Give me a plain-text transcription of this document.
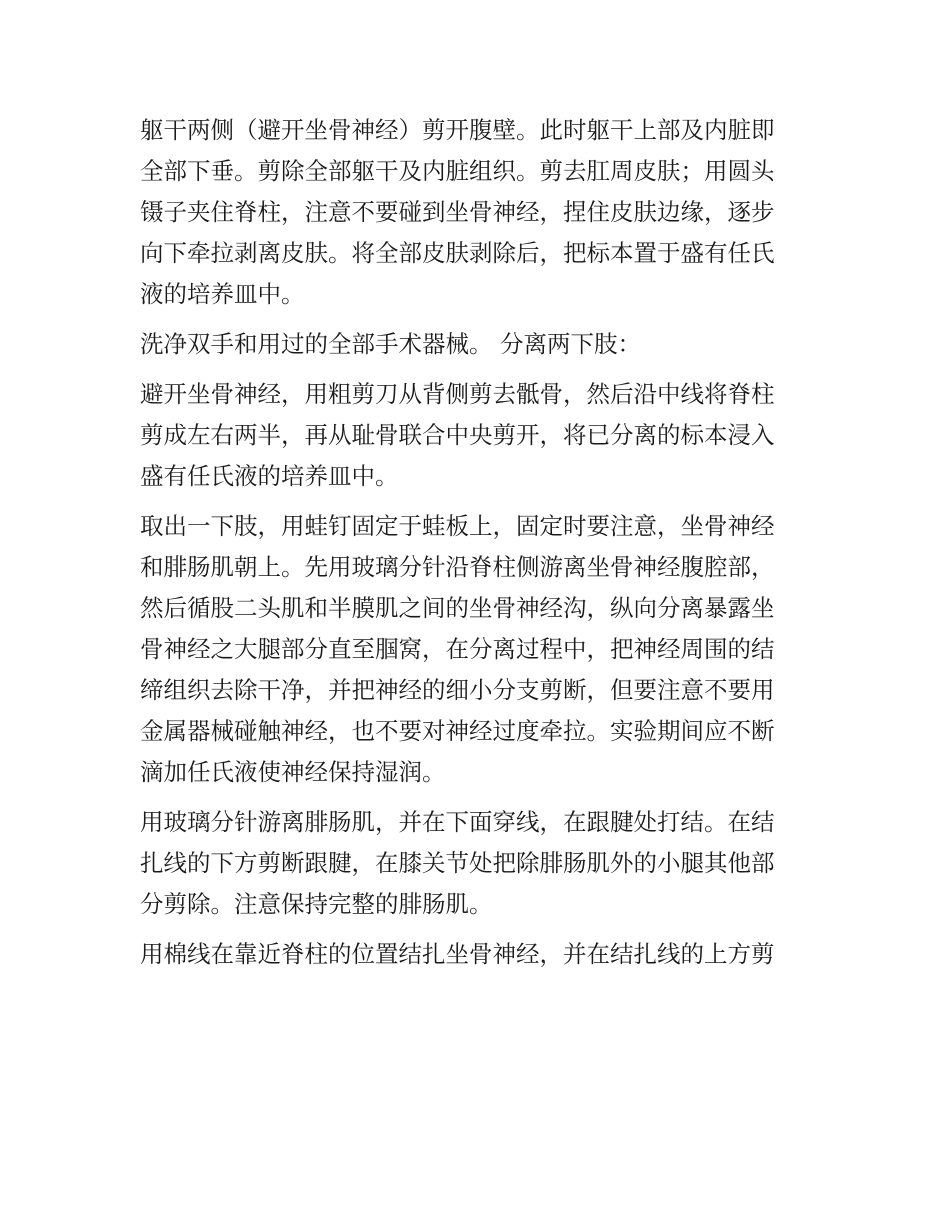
躯干两侧（避开坐骨神经）剪开腹壁。此时躯干上部及内脏即
全部下垂。剪除全部躯干及内脏组织。剪去肛周皮肤；用圆头
镊子夹住脊柱，注意不要碰到坐骨神经，捏住皮肤边缘，逐步
向下牵拉剥离皮肤。将全部皮肤剥除后，把标本置于盛有任氏
液的培养皿中。
洗净双手和用过的全部手术器械。 分离两下肢：
避开坐骨神经，用粗剪刀从背侧剪去骶骨，然后沿中线将脊柱
剪成左右两半，再从耻骨联合中央剪开，将已分离的标本浸入
盛有任氏液的培养皿中。
取出一下肢，用蛙钉固定于蛙板上，固定时要注意，坐骨神经
和腓肠肌朝上。先用玻璃分针沿脊柱侧游离坐骨神经腹腔部，
然后循股二头肌和半膜肌之间的坐骨神经沟，纵向分离暴露坐
骨神经之大腿部分直至腘窝，在分离过程中，把神经周围的结
缔组织去除干净，并把神经的细小分支剪断，但要注意不要用
金属器械碰触神经，也不要对神经过度牵拉。实验期间应不断
滴加任氏液使神经保持湿润。
用玻璃分针游离腓肠肌，并在下面穿线，在跟腱处打结。在结
扎线的下方剪断跟腱，在膝关节处把除腓肠肌外的小腿其他部
分剪除。注意保持完整的腓肠肌。
用棉线在靠近脊柱的位置结扎坐骨神经，并在结扎线的上方剪
